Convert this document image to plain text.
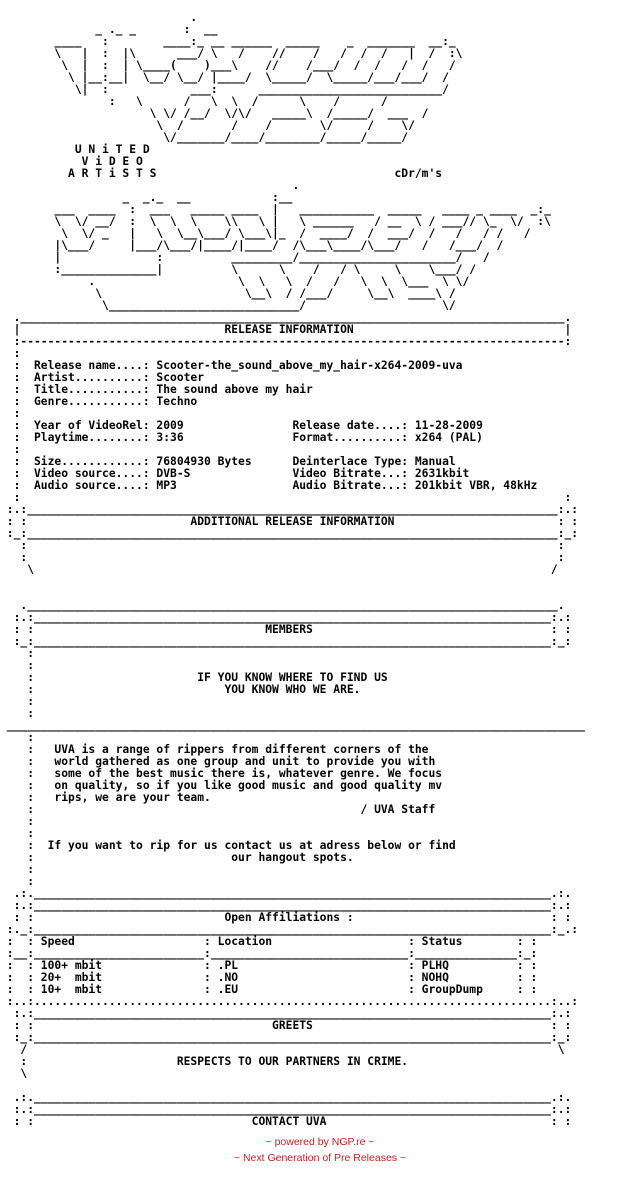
.
_ ._ _       :  __
____   :        ____:_ __ ______  _____    _  _______  __:_
\   |  :  |\      ___/ \   /    //    /   /  /  /   |  /  :\
\  |  :  | \____(    )___\    //    /___/  /  /   /  /   /
\ |__:__|  \__/ \__/ |____/  \_____/  \_____/___/___/  /
\|  :            ___:      ___________________________/
:   \      /   \  \  /      \    /      /
\ \/ /__/  \/\/   _____\  /_____/  ___  /
\  /       /    /       \/     /    \/
\/_______/____/________/_____/_____/
U N i T E D
V i D E O
A R T i S T S                                   cDr/m's
.
_  _._  __            :__
___  ____  :  ___   _____ ____  |   ___________  _____   ____ _ ____  _:_
\  \/ __/  :  \  \  \    \\   \ |   \ ______   / __  \ / ___// \_  \/  :\
\  \/ _   |   \  \__\___/ \___\|_  /  ____/  /  ___/  /   /   / /   /
|\___/     |___/\___/|____/|____/  /\___\____/\___/   /   /___/  /
|              :          _________/_______________________/   /
:______________|          \      \    /   / \     \    \___/ /
.                     \  \   \  /   /   \  \  \___  \ \/
\                     \__\  / /___/     \__\  ____\ /
\____________________________/                    \/
.________________________________________________________________________________.
|                              RELEASE INFORMATION                               |
:--------------------------------------------------------------------------------:
:
:  Release name....: Scooter-the_sound_above_my_hair-x264-2009-uva
:  Artist..........: Scooter
:  Title...........: The sound above my hair
:  Genre...........: Techno
:
:  Year of VideoRel: 2009                Release date....: 11-28-2009
:  Playtime........: 3:36                Format..........: x264 (PAL)
:
:  Size............: 76804930 Bytes      Deinterlace Type: Manual
:  Video source....: DVB-S               Video Bitrate...: 2631kbit
:  Audio source....: MP3                 Audio Bitrate...: 201kbit VBR, 48kHz
:                                                                                :
:.:______________________________________________________________________________:.:
: :                        ADDITIONAL RELEASE INFORMATION                        : :
:_:______________________________________________________________________________:_:
:                                                                              :
:                                                                              :
\                                                                            /
.______________________________________________________________________________.
:.:____________________________________________________________________________:.:
: :                                  MEMBERS                                   : :
:_:____________________________________________________________________________:_:
:
:
:                        IF YOU KNOW WHERE TO FIND US
:                            YOU KNOW WHO WE ARE.
:
:
_____________________________________________________________________________________
:
:   UVA is a range of rippers from different corners of the
:   world gathered as one group and unit to provide you with
:   some of the best music there is, whatever genre. We focus
:   on quality, so if you like good music and good quality mv
:   rips, we are your team.
:                                                / UVA Staff
:
:
:  If you want to rip for us contact us at adress below or find
:                             our hangout spots.
:
:
.:.____________________________________________________________________________.:.
:.:____________________________________________________________________________:.:
: :                            Open Affiliations :                             : :
:._:____________________________________________________________________________:_.:
:  : Speed                   : Location                    : Status        : :
:__:_________________________:_____________________________:_______________:_:
:  : 100+ mbit               : .PL                         : PLHQ          : :
:  : 20+  mbit               : .NO                         : NOHQ          : :
:  : 10+  mbit               : .EU                         : GroupDump     : :
:..:............................................................................:..:
:.:____________________________________________________________________________:.:
: :                                   GREETS                                   : :
:_:____________________________________________________________________________:_:
/                                                                              \
:                      RESPECTS TO OUR PARTNERS IN CRIME.
\
.:.____________________________________________________________________________.:.
:.:____________________________________________________________________________:.:
: :                                CONTACT UVA                                 : :
~ powered by NGP.re ~
~ Next Generation of Pre Releases ~
